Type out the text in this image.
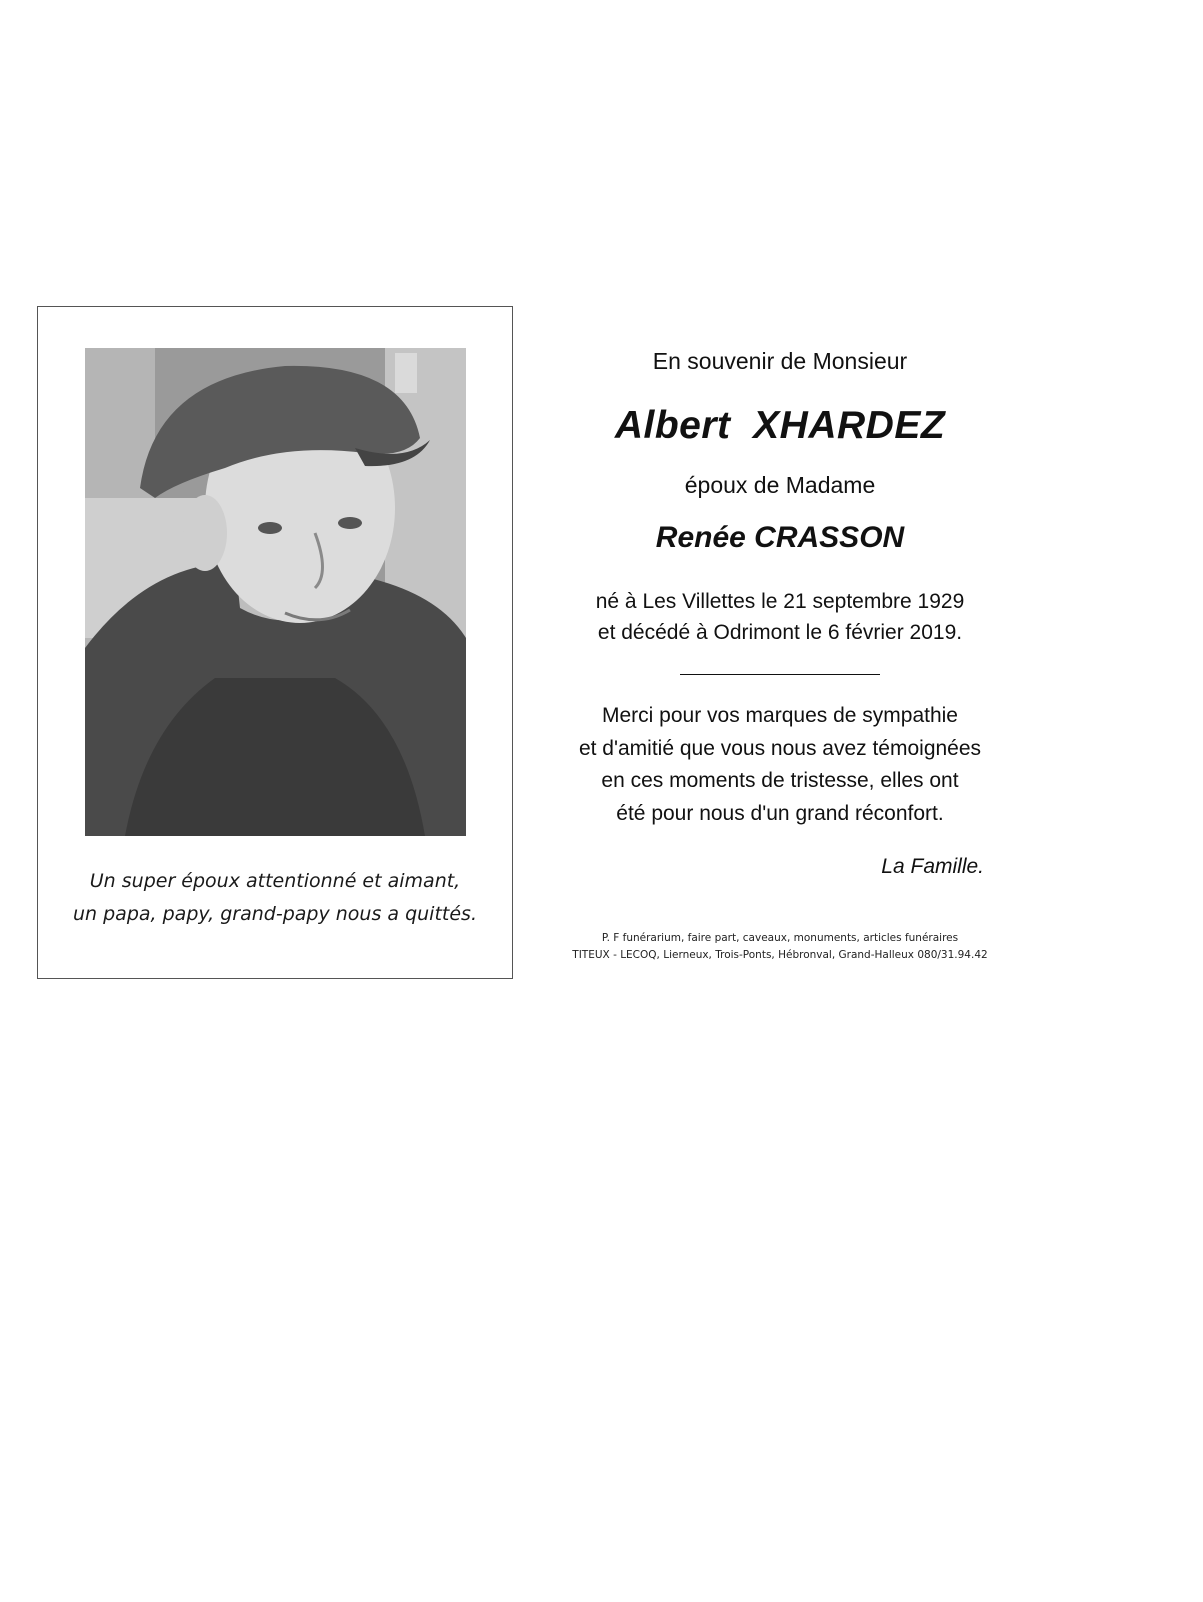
Un super époux attentionné et aimant,
un papa, papy, grand-papy nous a quittés.
En souvenir de Monsieur
Albert  XHARDEZ
époux de Madame
Renée CRASSON
né à Les Villettes le 21 septembre 1929
et décédé à Odrimont le 6 février 2019.
Merci pour vos marques de sympathie
et d'amitié que vous nous avez témoignées
en ces moments de tristesse, elles ont
été pour nous d'un grand réconfort.
La Famille.
P. F funérarium, faire part, caveaux, monuments, articles funéraires
TITEUX - LECOQ, Lierneux, Trois-Ponts, Hébronval, Grand-Halleux 080/31.94.42
